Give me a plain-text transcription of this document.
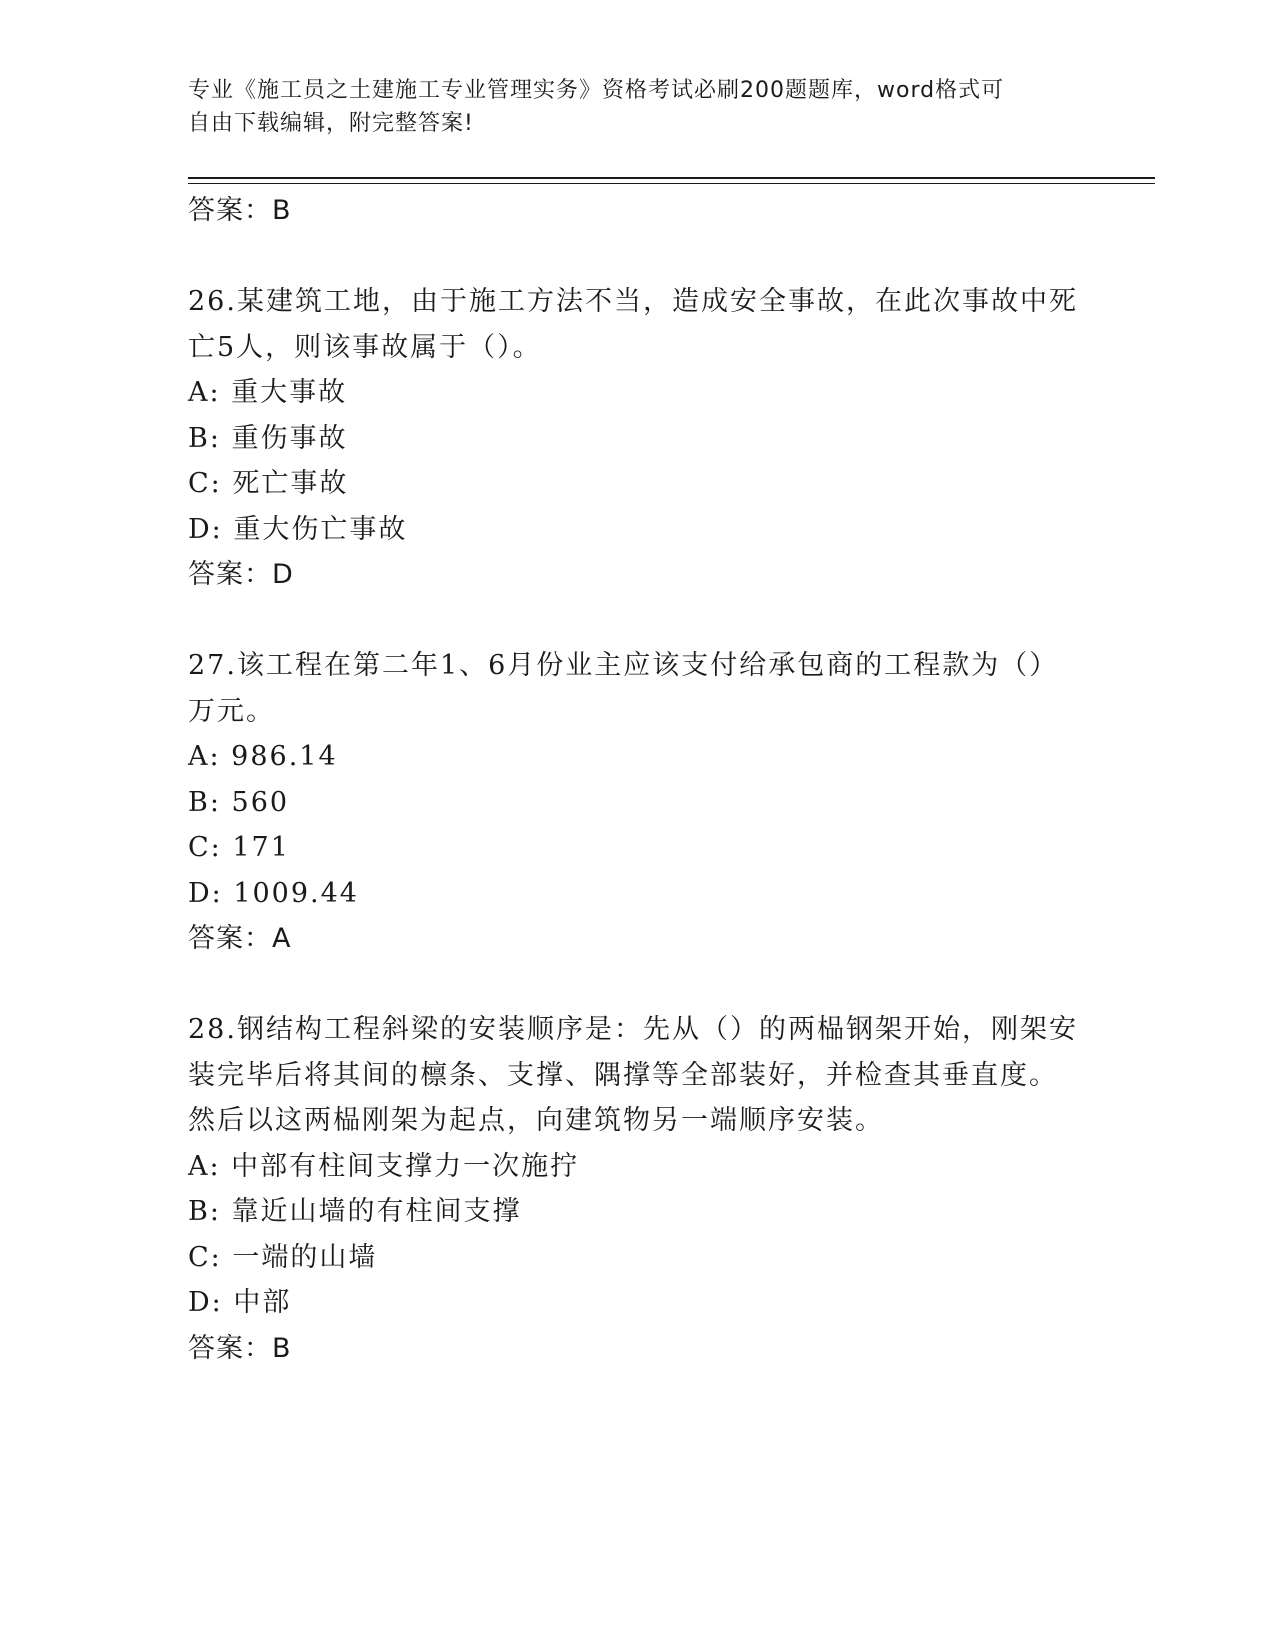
专业《施工员之土建施工专业管理实务》资格考试必刷200题题库，word格式可
自由下载编辑，附完整答案!
答案：B
26.某建筑工地，由于施工方法不当，造成安全事故，在此次事故中死
亡5人，则该事故属于（）。
A: 重大事故
B: 重伤事故
C: 死亡事故
D: 重大伤亡事故
答案：D
27.该工程在第二年1、6月份业主应该支付给承包商的工程款为（）
万元。
A: 986.14
B: 560
C: 171
D: 1009.44
答案：A
28.钢结构工程斜梁的安装顺序是：先从（）的两榀钢架开始，刚架安
装完毕后将其间的檩条、支撑、隅撑等全部装好，并检查其垂直度。
然后以这两榀刚架为起点，向建筑物另一端顺序安装。
A: 中部有柱间支撑力一次施拧
B: 靠近山墙的有柱间支撑
C: 一端的山墙
D: 中部
答案：B
